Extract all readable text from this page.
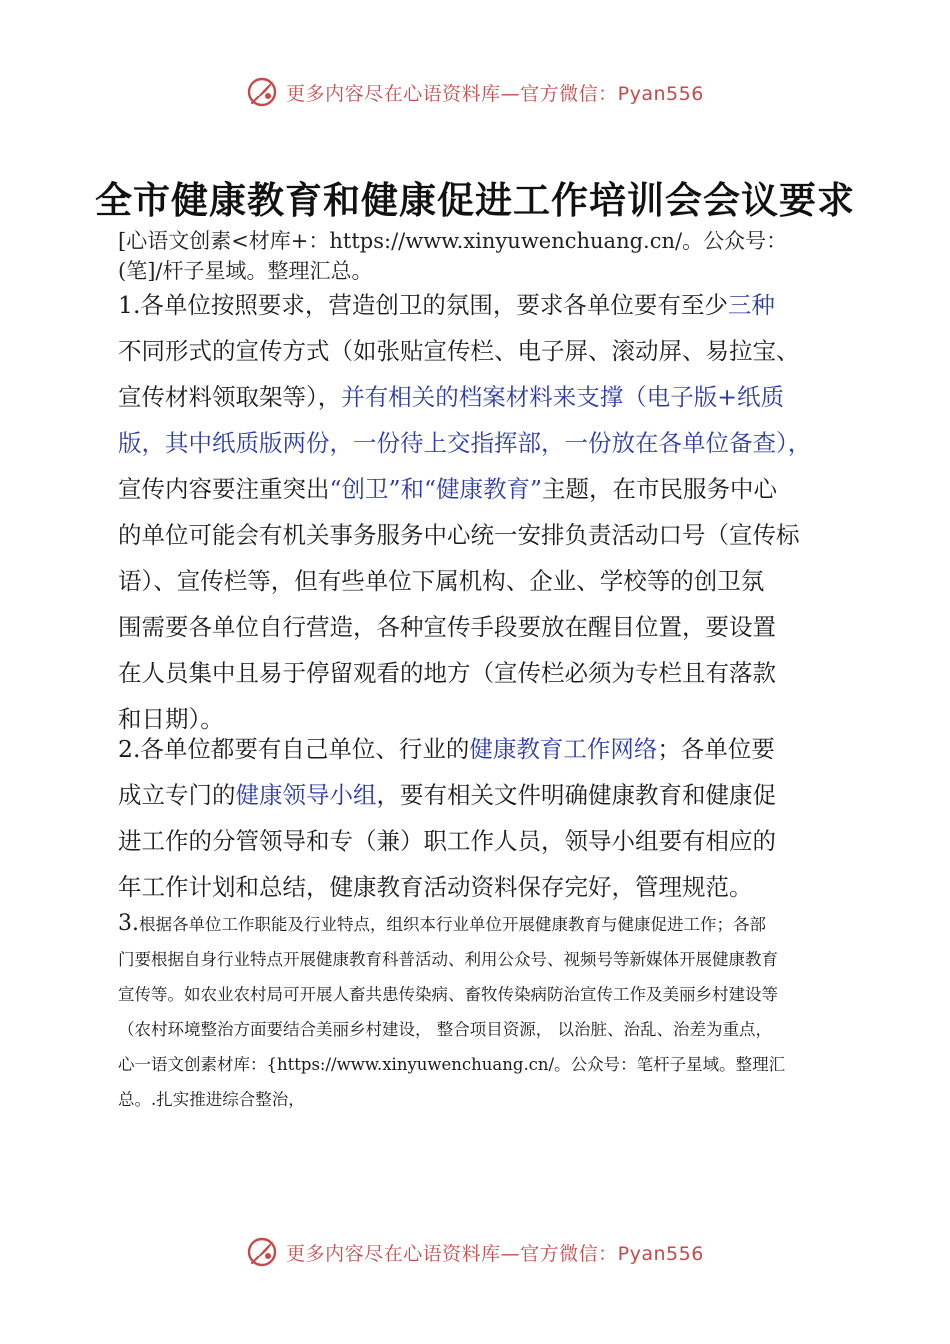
更多内容尽在心语资料库—官方微信：Pyan556
全市健康教育和健康促进工作培训会会议要求
[心语文创素<材库+：https://www.xinyuwenchuang.cn/。公众号：
(笔]/杆子星域。整理汇总。
1.各单位按照要求，营造创卫的氛围，要求各单位要有至少三种
不同形式的宣传方式（如张贴宣传栏、电子屏、滚动屏、易拉宝、
宣传材料领取架等），并有相关的档案材料来支撑（电子版+纸质
版，其中纸质版两份，一份待上交指挥部，一份放在各单位备查），
宣传内容要注重突出“创卫”和“健康教育”主题，在市民服务中心
的单位可能会有机关事务服务中心统一安排负责活动口号（宣传标
语）、宣传栏等，但有些单位下属机构、企业、学校等的创卫氛
围需要各单位自行营造，各种宣传手段要放在醒目位置，要设置
在人员集中且易于停留观看的地方（宣传栏必须为专栏且有落款
和日期）。
2.各单位都要有自己单位、行业的健康教育工作网络；各单位要
成立专门的健康领导小组，要有相关文件明确健康教育和健康促
进工作的分管领导和专（兼）职工作人员，领导小组要有相应的
年工作计划和总结，健康教育活动资料保存完好，管理规范。
3.根据各单位工作职能及行业特点，组织本行业单位开展健康教育与健康促进工作；各部
门要根据自身行业特点开展健康教育科普活动、利用公众号、视频号等新媒体开展健康教育
宣传等。如农业农村局可开展人畜共患传染病、畜牧传染病防治宣传工作及美丽乡村建设等
（农村环境整治方面要结合美丽乡村建设， 整合项目资源， 以治脏、治乱、治差为重点，
心一语文创素材库：{https://www.xinyuwenchuang.cn/。公众号：笔杆子星域。整理汇
总。.扎实推进综合整治，
更多内容尽在心语资料库—官方微信：Pyan556
